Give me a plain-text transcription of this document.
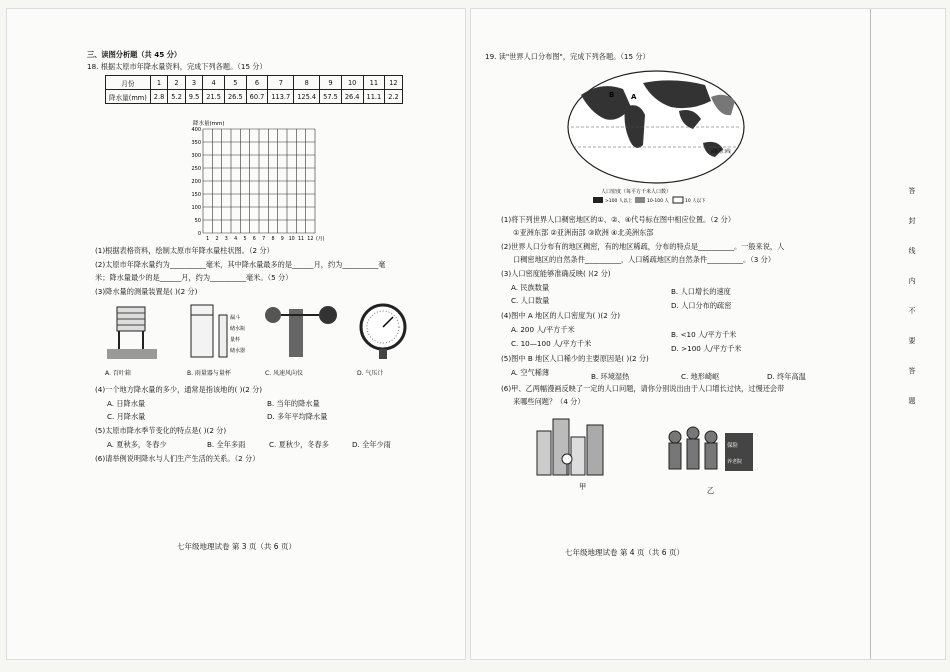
三、读图分析题（共 45 分）
18. 根据太原市年降水量资料，完成下列各题。（15 分）
月份	1	2	3	4	5	6	7	8	9	10	11	12
降水量(mm)	2.8	5.2	9.5	21.5	26.5	60.7	113.7	125.4	57.5	26.4	11.1	2.2
降水量(mm)
400
350
300
250
200
150
100
50
0
1 2 3 4 5 6 7 8 9 10 11 12 (月)
(1)根据表格资料，绘制太原市年降水量柱状图。（2 分）
(2)太原市年降水量约为__________毫米，其中降水量最多的是______月，约为__________毫
米；降水量最少的是______月，约为__________毫米。（5 分）
(3)降水量的测量装置是( )(2 分)
漏斗
储水瓶
量杯
储水器
A. 百叶箱	B. 雨量器与量杯	C. 风速风向仪	D. 气压计
(4)一个地方降水量的多少，通常是指该地的( )(2 分)
A. 日降水量	B. 当年的降水量
C. 月降水量	D. 多年平均降水量
(5)太原市降水季节变化的特点是( )(2 分)
A. 夏秋多，冬春少	B. 全年多雨	C. 夏秋少，冬春多	D. 全年少雨
(6)请举例说明降水与人们生产生活的关系。（2 分）
七年级地理试卷 第 3 页（共 6 页）
19. 读"世界人口分布图"，完成下列各题。（15 分）
A
B
南回归线
人口密度（每平方千米人口数）
>100 人以上	10-100 人	10 人以下
(1)将下列世界人口稠密地区的①、②、④代号标在图中相应位置。（2 分）
①亚洲东部 ②亚洲南部 ③欧洲 ④北美洲东部
(2)世界人口分布有的地区稠密，有的地区稀疏，分布的特点是__________。一般来说，人
口稠密地区的自然条件__________，人口稀疏地区的自然条件__________。（3 分）
(3)人口密度能够准确反映( )(2 分)
A. 民族数量	B. 人口增长的速度
C. 人口数量
D. 人口分布的疏密
(4)图中 A 地区的人口密度为( )(2 分)
A. 200 人/平方千米
B. <10 人/平方千米
C. 10—100 人/平方千米
D. >100 人/平方千米
(5)图中 B 地区人口稀少的主要原因是( )(2 分)
A. 空气稀薄	B. 环境湿热	C. 地形崎岖	D. 终年高温
(6)甲、乙两幅漫画反映了一定的人口问题，请你分别说出由于人口增长过快，过慢还会带
来哪些问题？（4 分）
保险
养老院
甲	乙
七年级地理试卷 第 4 页（共 6 页）
答
封
线
内
不
要
答
题
